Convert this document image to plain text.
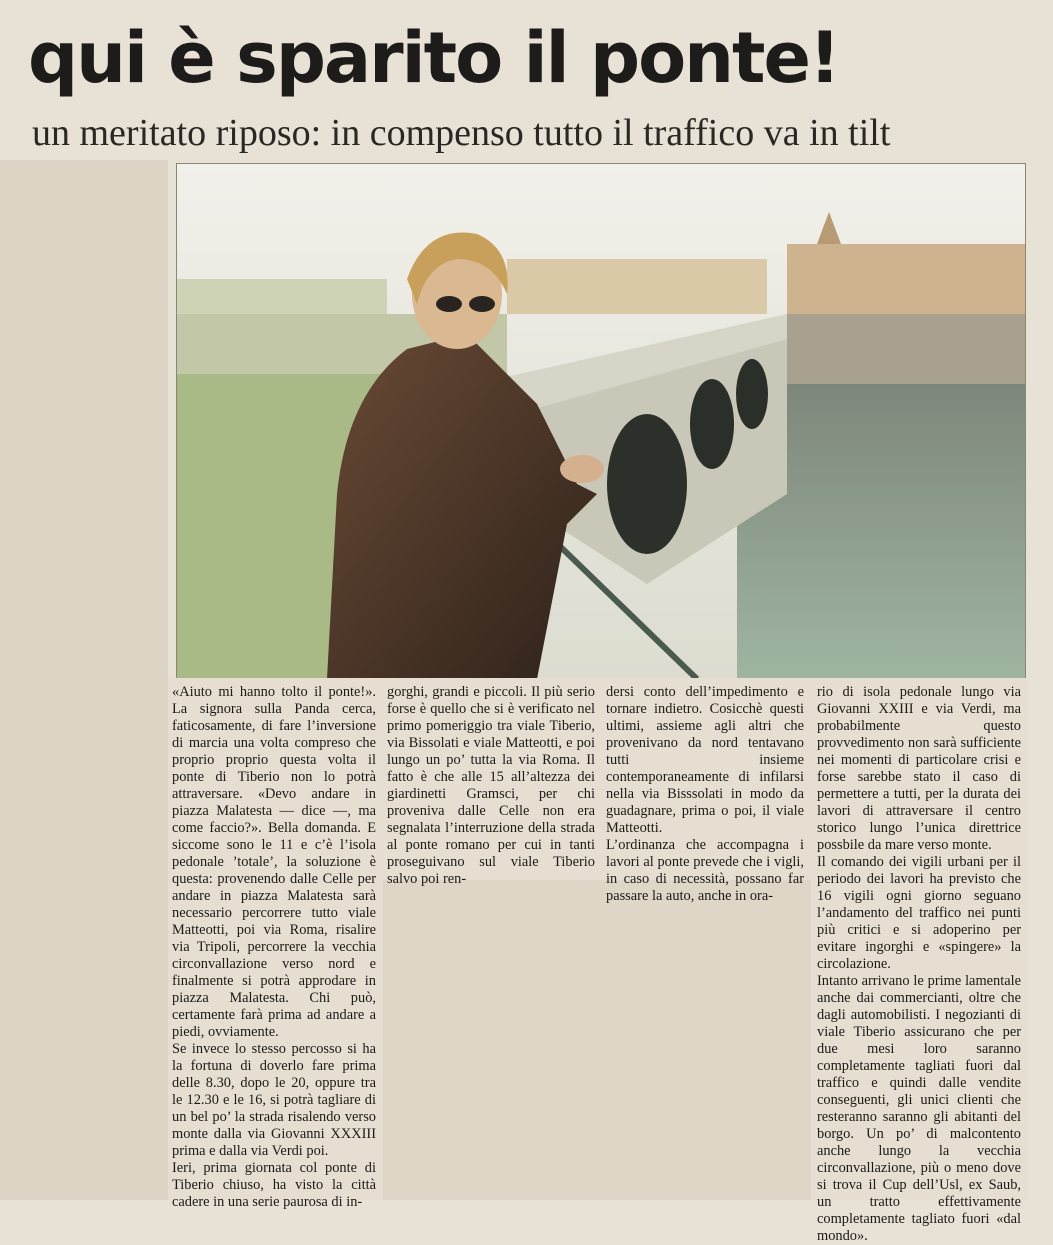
qui è sparito il ponte!
un meritato riposo: in compenso tutto il traffico va in tilt

«Aiuto mi hanno tolto il ponte!». La signora sulla Panda cerca, faticosamente, di fare l’inversione di marcia una volta compreso che proprio proprio questa volta il ponte di Tiberio non lo potrà attraversare. «Devo andare in piazza Malatesta — dice —, ma come faccio?». Bella domanda. E siccome sono le 11 e c’è l’isola pedonale ’totale’, la soluzione è questa: provenendo dalle Celle per andare in piazza Malatesta sarà necessario percorrere tutto viale Matteotti, poi via Roma, risalire via Tripoli, percorrere la vecchia circonvallazione verso nord e finalmente si potrà approdare in piazza Malatesta. Chi può, certamente farà prima ad andare a piedi, ovviamente.

Se invece lo stesso percosso si ha la fortuna di doverlo fare prima delle 8.30, dopo le 20, oppure tra le 12.30 e le 16, si potrà tagliare di un bel po’ la strada risalendo verso monte dalla via Giovanni XXXIII prima e dalla via Verdi poi.

Ieri, prima giornata col ponte di Tiberio chiuso, ha visto la città cadere in una serie paurosa di in-

gorghi, grandi e piccoli. Il più serio forse è quello che si è verificato nel primo pomeriggio tra viale Tiberio, via Bissolati e viale Matteotti, e poi lungo un po’ tutta la via Roma. Il fatto è che alle 15 all’altezza dei giardinetti Gramsci, per chi proveniva dalle Celle non era segnalata l’interruzione della strada al ponte romano per cui in tanti proseguivano sul viale Tiberio salvo poi ren-

dersi conto dell’impedimento e tornare indietro. Cosicchè questi ultimi, assieme agli altri che provenivano da nord tentavano tutti insieme contemporaneamente di infilarsi nella via Bisssolati in modo da guadagnare, prima o poi, il viale Matteotti.

L’ordinanza che accompagna i lavori al ponte prevede che i vigli, in caso di necessità, possano far passare la auto, anche in ora-

rio di isola pedonale lungo via Giovanni XXIII e via Verdi, ma probabilmente questo provvedimento non sarà sufficiente nei momenti di particolare crisi e forse sarebbe stato il caso di permettere a tutti, per la durata dei lavori di attraversare il centro storico lungo l’unica direttrice possbile da mare verso monte.

Il comando dei vigili urbani per il periodo dei lavori ha previsto che 16 vigili ogni giorno seguano l’andamento del traffico nei punti più critici e si adoperino per evitare ingorghi e «spingere» la circolazione.

Intanto arrivano le prime lamentale anche dai commercianti, oltre che dagli automobilisti. I negozianti di viale Tiberio assicurano che per due mesi loro saranno completamente tagliati fuori dal traffico e quindi dalle vendite conseguenti, gli unici clienti che resteranno saranno gli abitanti del borgo. Un po’ di malcontento anche lungo la vecchia circonvallazione, più o meno dove si trova il Cup dell’Usl, ex Saub, un tratto effettivamente completamente tagliato fuori «dal mondo».
